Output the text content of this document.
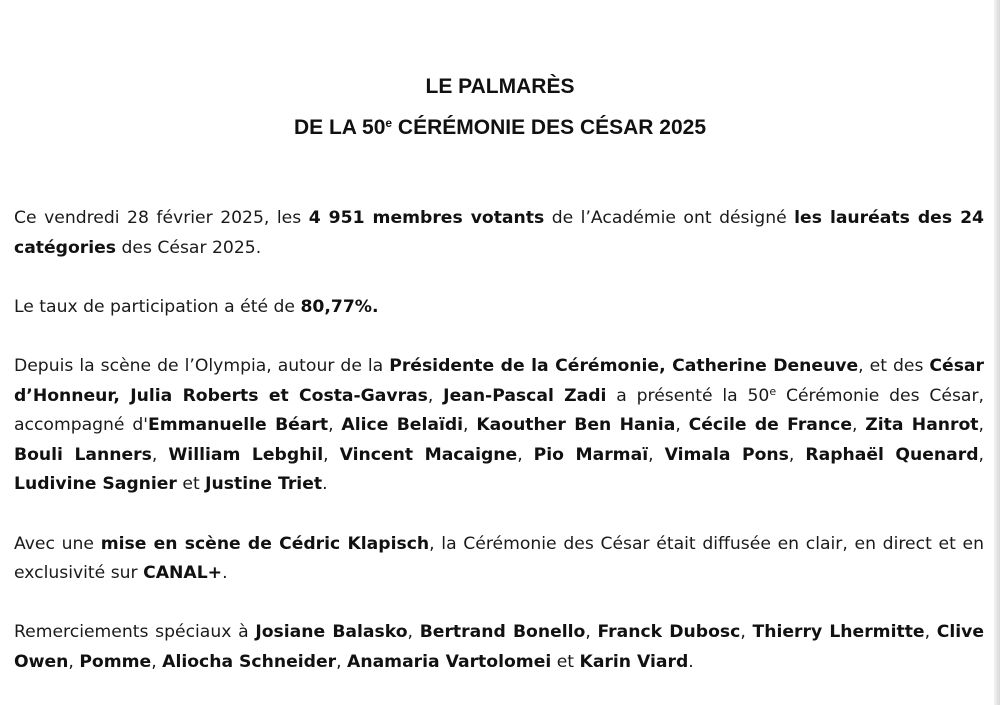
LE PALMARÈS
DE LA 50e CÉRÉMONIE DES CÉSAR 2025

Ce vendredi 28 février 2025, les 4 951 membres votants de l’Académie ont désigné les lauréats des 24 catégories des César 2025.

Le taux de participation a été de 80,77%.

Depuis la scène de l’Olympia, autour de la Présidente de la Cérémonie, Catherine Deneuve, et des César d’Honneur, Julia Roberts et Costa-Gavras, Jean-Pascal Zadi a présenté la 50e Cérémonie des César, accompagné d'Emmanuelle Béart, Alice Belaïdi, Kaouther Ben Hania, Cécile de France, Zita Hanrot, Bouli Lanners, William Lebghil, Vincent Macaigne, Pio Marmaï, Vimala Pons, Raphaël Quenard, Ludivine Sagnier et Justine Triet.

Avec une mise en scène de Cédric Klapisch, la Cérémonie des César était diffusée en clair, en direct et en exclusivité sur CANAL+.

Remerciements spéciaux à Josiane Balasko, Bertrand Bonello, Franck Dubosc, Thierry Lhermitte, Clive Owen, Pomme, Aliocha Schneider, Anamaria Vartolomei et Karin Viard.
